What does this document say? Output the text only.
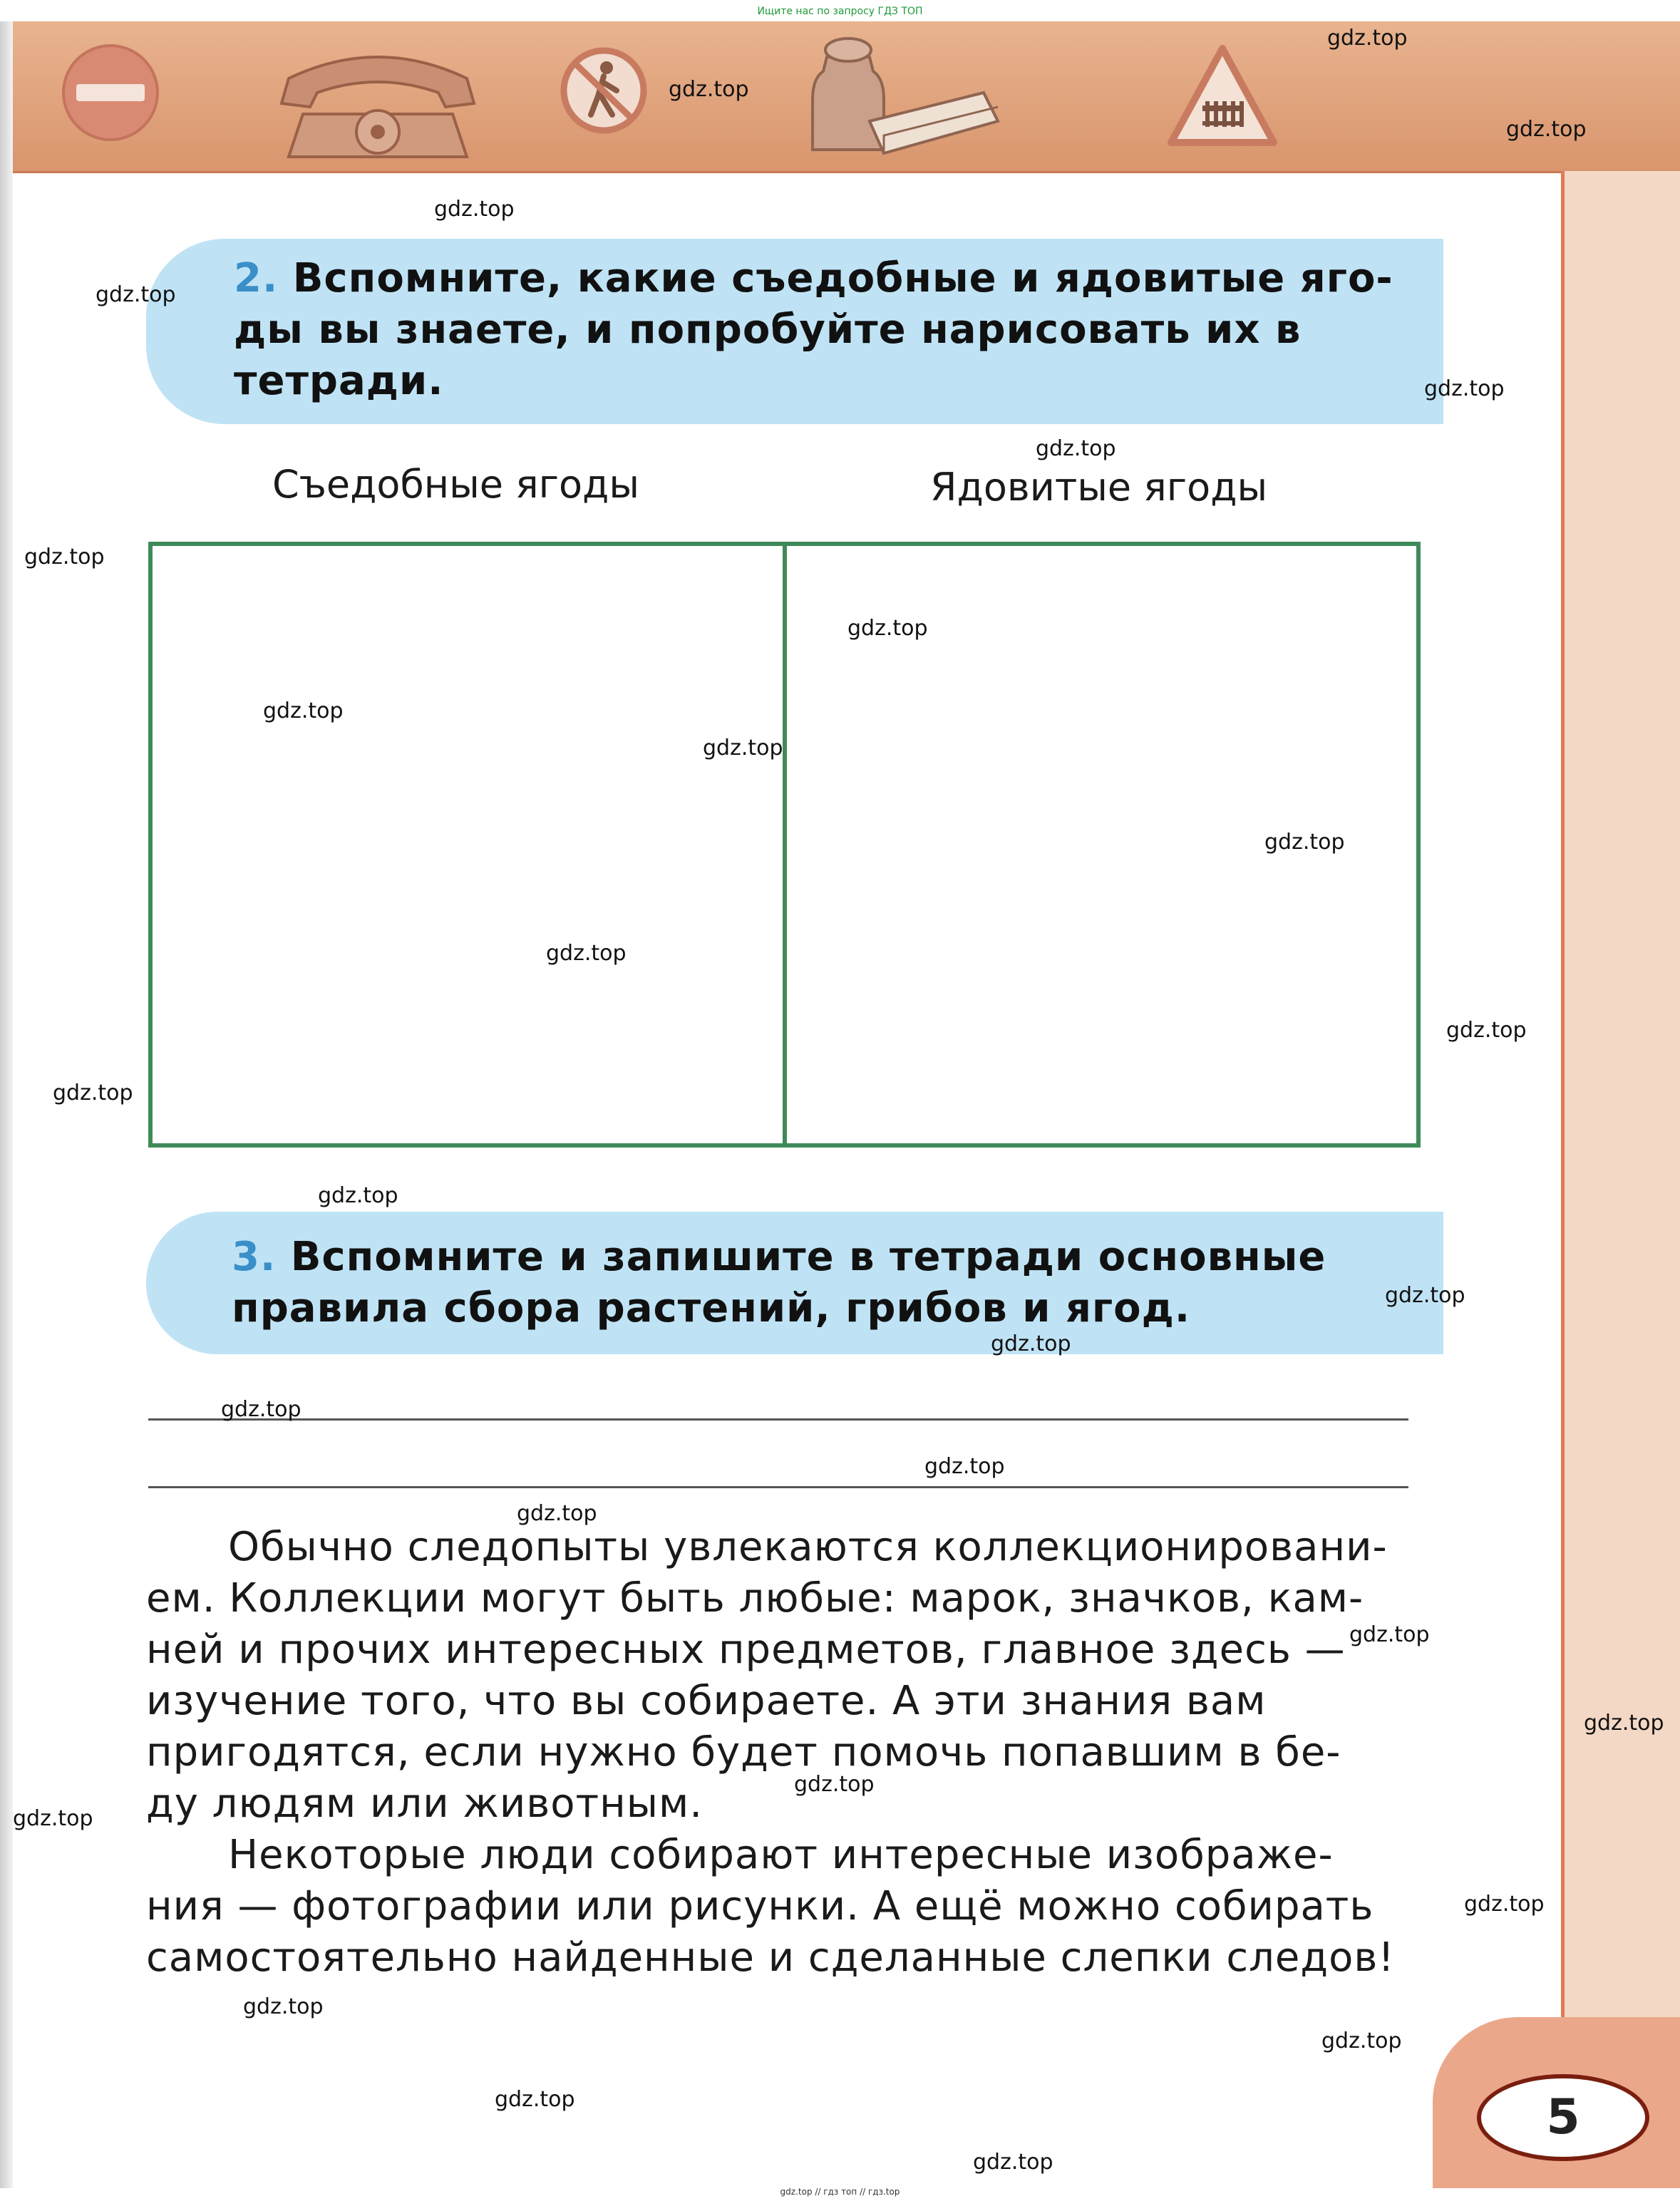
Ищите нас по запросу ГДЗ ТОП
2. Вспомните, какие съедобные и ядовитые яго-
ды вы знаете, и попробуйте нарисовать их в
тетради.
Съедобные ягоды	Ядовитые ягоды
3. Вспомните и запишите в тетради основные
правила сбора растений, грибов и ягод.
Обычно следопыты увлекаются коллекционировани-
ем. Коллекции могут быть любые: марок, значков, кам-
ней и прочих интересных предметов, главное здесь —
изучение того, что вы собираете. А эти знания вам
пригодятся, если нужно будет помочь попавшим в бе-
ду людям или животным.
Некоторые люди собирают интересные изображе-
ния — фотографии или рисунки. А ещё можно собирать
самостоятельно найденные и сделанные слепки следов!
5
gdz.top
gdz.top
gdz.top
gdz.top
gdz.top
gdz.top
gdz.top
gdz.top
gdz.top
gdz.top
gdz.top
gdz.top
gdz.top
gdz.top
gdz.top
gdz.top
gdz.top
gdz.top
gdz.top
gdz.top
gdz.top
gdz.top
gdz.top
gdz.top
gdz.top
gdz.top
gdz.top
gdz.top
gdz.top
gdz.top
gdz.top // гдз топ // гдз.top
